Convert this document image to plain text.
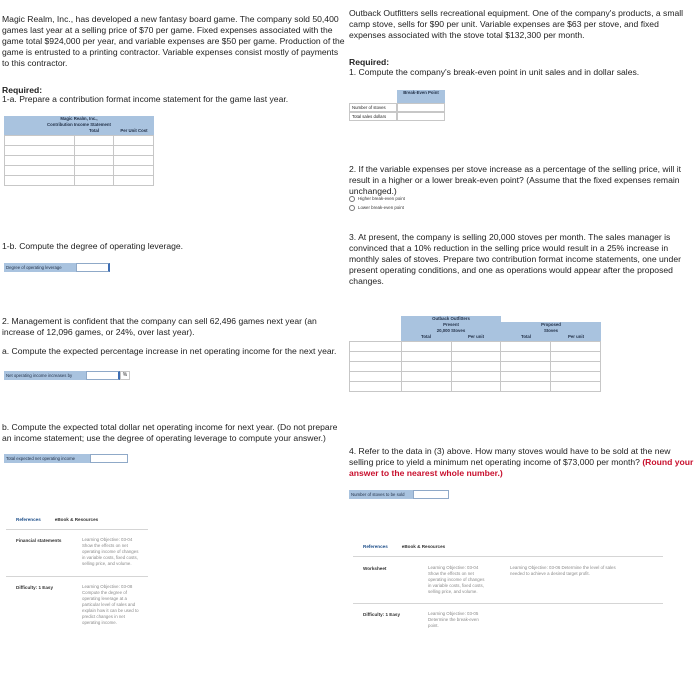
Magic Realm, Inc., has developed a new fantasy board game. The company sold 50,400 games last year at a selling price of $70 per game. Fixed expenses associated with the game total $924,000 per year, and variable expenses are $50 per game. Production of the game is entrusted to a printing contractor. Variable expenses consist mostly of payments to this contractor.
Required:
1-a. Prepare a contribution format income statement for the game last year.
Magic Realm, Inc.,
Contribution Income Statement
Total	Per Unit Cost

1-b. Compute the degree of operating leverage.
Degree of operating leverage
2. Management is confident that the company can sell 62,496 games next year (an increase of 12,096 games, or 24%, over last year).
a. Compute the expected percentage increase in net operating income for the next year.
Net operating income increases by	%
b. Compute the expected total dollar net operating income for next year. (Do not prepare an income statement; use the degree of operating leverage to compute your answer.)
Total expected net operating income
References	eBook & Resources
Financial statements	Learning Objective: 03-04
Show the effects on net
operating income of changes
in variable costs, fixed costs,
selling price, and volume.
Difficulty: 1 Easy	Learning Objective: 03-08
Compute the degree of
operating leverage at a
particular level of sales and
explain how it can be used to
predict changes in net
operating income.
Outback Outfitters sells recreational equipment. One of the company's products, a small camp stove, sells for $90 per unit. Variable expenses are $63 per stove, and fixed expenses associated with the stove total $132,300 per month.
Required:
1. Compute the company's break-even point in unit sales and in dollar sales.
Break-Even Point
Number of stoves
Total sales dollars
2. If the variable expenses per stove increase as a percentage of the selling price, will it result in a higher or a lower break-even point? (Assume that the fixed expenses remain unchanged.)
Higher break-even point
Lower break-even point
3. At present, the company is selling 20,000 stoves per month. The sales manager is convinced that a 10% reduction in the selling price would result in a 25% increase in monthly sales of stoves. Prepare two contribution format income statements, one under present operating conditions, and one as operations would appear after the proposed changes.
Outback Outfitters
Present	Proposed
20,000 Stoves	Stoves
Total	Per unit	Total	Per unit

4. Refer to the data in (3) above. How many stoves would have to be sold at the new selling price to yield a minimum net operating income of $73,000 per month? (Round your answer to the nearest whole number.)
Number of stoves to be sold
References	eBook & Resources
Worksheet	Learning Objective: 03-04
Show the effects on net
operating income of changes
in variable costs, fixed costs,
selling price, and volume.
Learning Objective: 03-06 Determine the level of sales
needed to achieve a desired target profit.
Difficulty: 1 Easy	Learning Objective: 03-05
Determine the break-even
point.
